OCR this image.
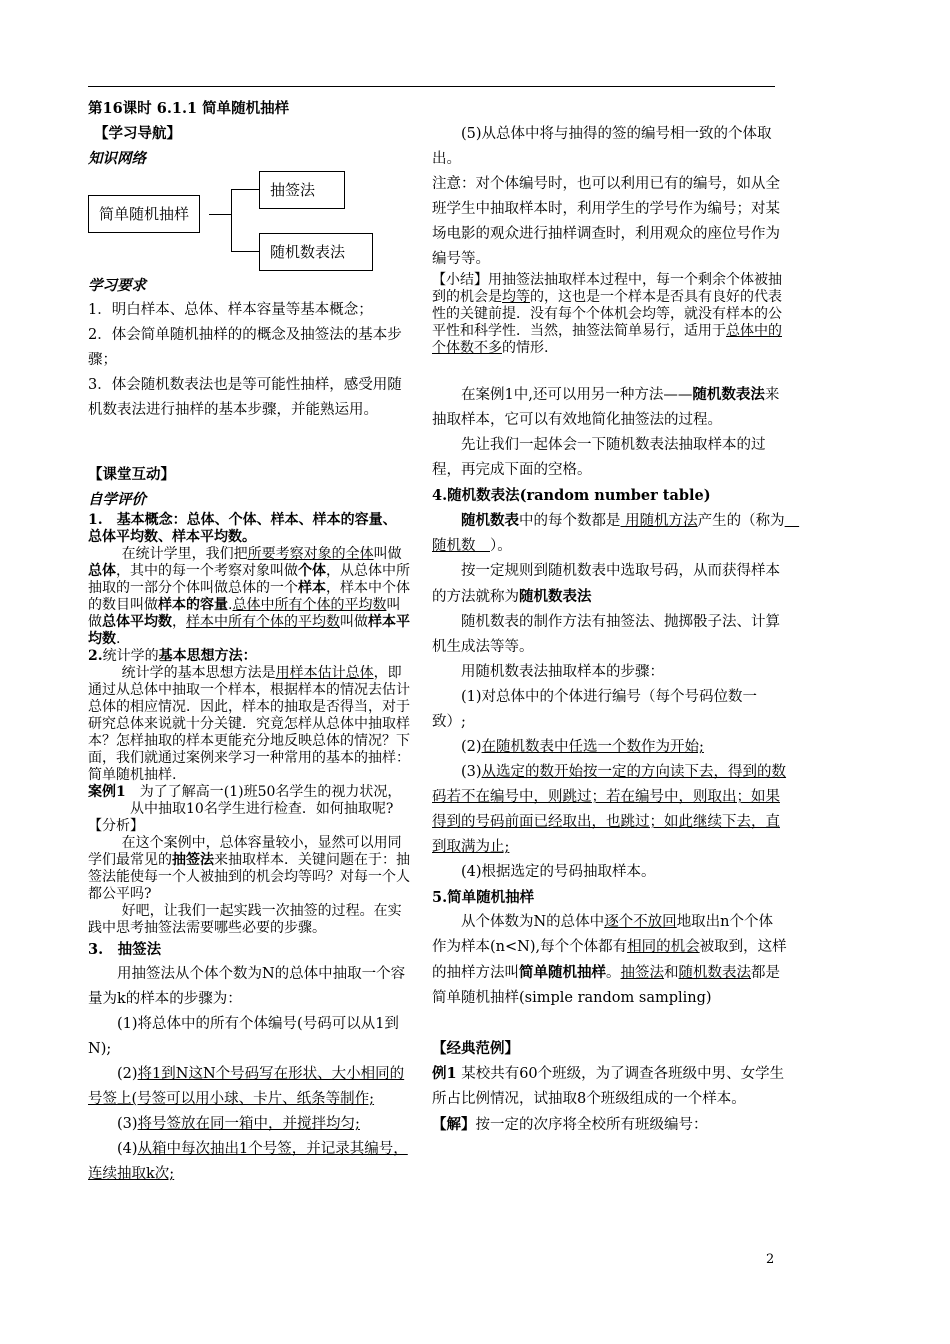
第16课时 6.1.1 简单随机抽样

【学习导航】

知识网络

简单随机抽样
抽签法
随机数表法

学习要求

1．明白样本、总体、样本容量等基本概念；

2．体会简单随机抽样的的概念及抽签法的基本步骤；

3．体会随机数表法也是等可能性抽样，感受用随机数表法进行抽样的基本步骤，并能熟运用。

【课堂互动】

自学评价

1.　基本概念：总体、个体、样本、样本的容量、总体平均数、样本平均数。

在统计学里，我们把所要考察对象的全体叫做总体，其中的每一个考察对象叫做个体，从总体中所抽取的一部分个体叫做总体的一个样本，样本中个体的数目叫做样本的容量.总体中所有个体的平均数叫做总体平均数，样本中所有个体的平均数叫做样本平均数.

2.统计学的基本思想方法：

统计学的基本思想方法是用样本估计总体，即通过从总体中抽取一个样本，根据样本的情况去估计总体的相应情况．因此，样本的抽取是否得当，对于研究总体来说就十分关键．究竟怎样从总体中抽取样本？怎样抽取的样本更能充分地反映总体的情况？下面，我们就通过案例来学习一种常用的基本的抽样：简单随机抽样.

案例1　为了了解高一(1)班50名学生的视力状况，从中抽取10名学生进行检查．如何抽取呢?

【分析】

在这个案例中，总体容量较小，显然可以用同学们最常见的抽签法来抽取样本．关键问题在于：抽签法能使每一个人被抽到的机会均等吗？对每一个人都公平吗?

好吧，让我们一起实践一次抽签的过程。在实践中思考抽签法需要哪些必要的步骤。

3.　抽签法

用抽签法从个体个数为N的总体中抽取一个容量为k的样本的步骤为：

(1)将总体中的所有个体编号(号码可以从1到N);

(2)将1到N这N个号码写在形状、大小相同的号签上(号签可以用小球、卡片、纸条等制作;

(3)将号签放在同一箱中，并搅拌均匀;

(4)从箱中每次抽出1个号签，并记录其编号，连续抽取k次;

(5)从总体中将与抽得的签的编号相一致的个体取出。

注意：对个体编号时，也可以利用已有的编号，如从全班学生中抽取样本时，利用学生的学号作为编号；对某场电影的观众进行抽样调查时，利用观众的座位号作为编号等。

【小结】用抽签法抽取样本过程中，每一个剩余个体被抽到的机会是均等的，这也是一个样本是否具有良好的代表性的关键前提．没有每个个体机会均等，就没有样本的公平性和科学性．当然，抽签法简单易行，适用于总体中的个体数不多的情形.

在案例1中,还可以用另一种方法——随机数表法来抽取样本，它可以有效地简化抽签法的过程。

先让我们一起体会一下随机数表法抽取样本的过程，再完成下面的空格。

4.随机数表法(random number table)

随机数表中的每个数都是 用随机方法产生的（称为　随机数　）。

按一定规则到随机数表中选取号码，从而获得样本的方法就称为随机数表法

随机数表的制作方法有抽签法、抛掷骰子法、计算机生成法等等。

用随机数表法抽取样本的步骤：

(1)对总体中的个体进行编号（每个号码位数一致）;

(2)在随机数表中任选一个数作为开始;

(3)从选定的数开始按一定的方向读下去，得到的数码若不在编号中，则跳过；若在编号中，则取出；如果得到的号码前面已经取出，也跳过；如此继续下去，直到取满为止;

(4)根据选定的号码抽取样本。

5.简单随机抽样

从个体数为N的总体中逐个不放回地取出n个个体作为样本(n<N),每个个体都有相同的机会被取到，这样的抽样方法叫简单随机抽样。抽签法和随机数表法都是简单随机抽样(simple random sampling)

【经典范例】

例1 某校共有60个班级，为了调查各班级中男、女学生所占比例情况，试抽取8个班级组成的一个样本。

【解】按一定的次序将全校所有班级编号：

2
